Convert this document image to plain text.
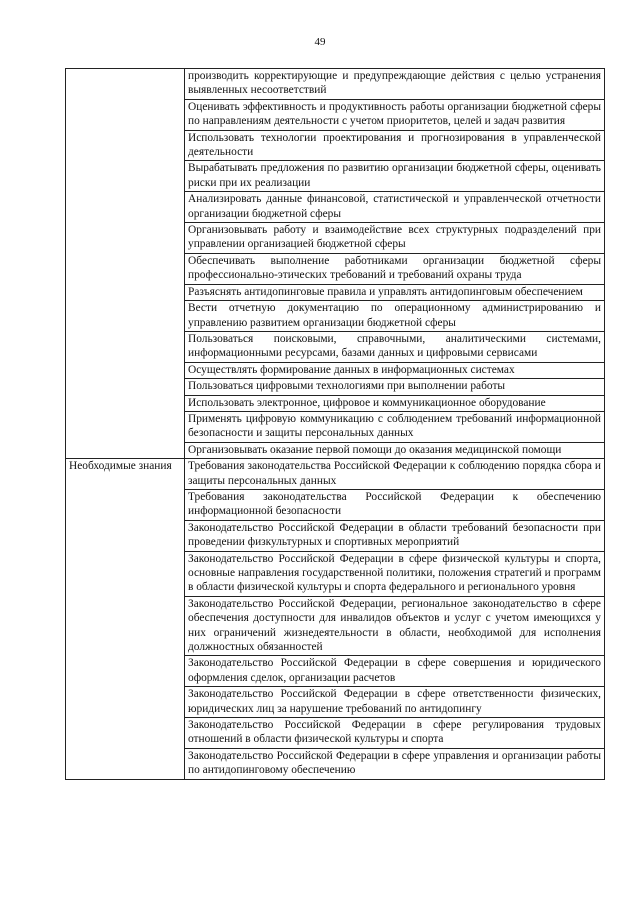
49
	производить корректирующие и предупреждающие действия с целью устранения выявленных несоответствий
	Оценивать эффективность и продуктивность работы организации бюджетной сферы по направлениям деятельности с учетом приоритетов, целей и задач развития
	Использовать технологии проектирования и прогнозирования в управленческой деятельности
	Вырабатывать предложения по развитию организации бюджетной сферы, оценивать риски при их реализации
	Анализировать данные финансовой, статистической и управленческой отчетности организации бюджетной сферы
	Организовывать работу и взаимодействие всех структурных подразделений при управлении организацией бюджетной сферы
	Обеспечивать выполнение работниками организации бюджетной сферы профессионально-этических требований и требований охраны труда
	Разъяснять антидопинговые правила и управлять антидопинговым обеспечением
	Вести отчетную документацию по операционному администрированию и управлению развитием организации бюджетной сферы
	Пользоваться поисковыми, справочными, аналитическими системами, информационными ресурсами, базами данных и цифровыми сервисами
	Осуществлять формирование данных в информационных системах
	Пользоваться цифровыми технологиями при выполнении работы
	Использовать электронное, цифровое и коммуникационное оборудование
	Применять цифровую коммуникацию с соблюдением требований информационной безопасности и защиты персональных данных
	Организовывать оказание первой помощи до оказания медицинской помощи
Необходимые знания	Требования законодательства Российской Федерации к соблюдению порядка сбора и защиты персональных данных
	Требования законодательства Российской Федерации к обеспечению информационной безопасности
	Законодательство Российской Федерации в области требований безопасности при проведении физкультурных и спортивных мероприятий
	Законодательство Российской Федерации в сфере физической культуры и спорта, основные направления государственной политики, положения стратегий и программ в области физической культуры и спорта федерального и регионального уровня
	Законодательство Российской Федерации, региональное законодательство в сфере обеспечения доступности для инвалидов объектов и услуг с учетом имеющихся у них ограничений жизнедеятельности в области, необходимой для исполнения должностных обязанностей
	Законодательство Российской Федерации в сфере совершения и юридического оформления сделок, организации расчетов
	Законодательство Российской Федерации в сфере ответственности физических, юридических лиц за нарушение требований по антидопингу
	Законодательство Российской Федерации в сфере регулирования трудовых отношений в области физической культуры и спорта
	Законодательство Российской Федерации в сфере управления и организации работы по антидопинговому обеспечению
